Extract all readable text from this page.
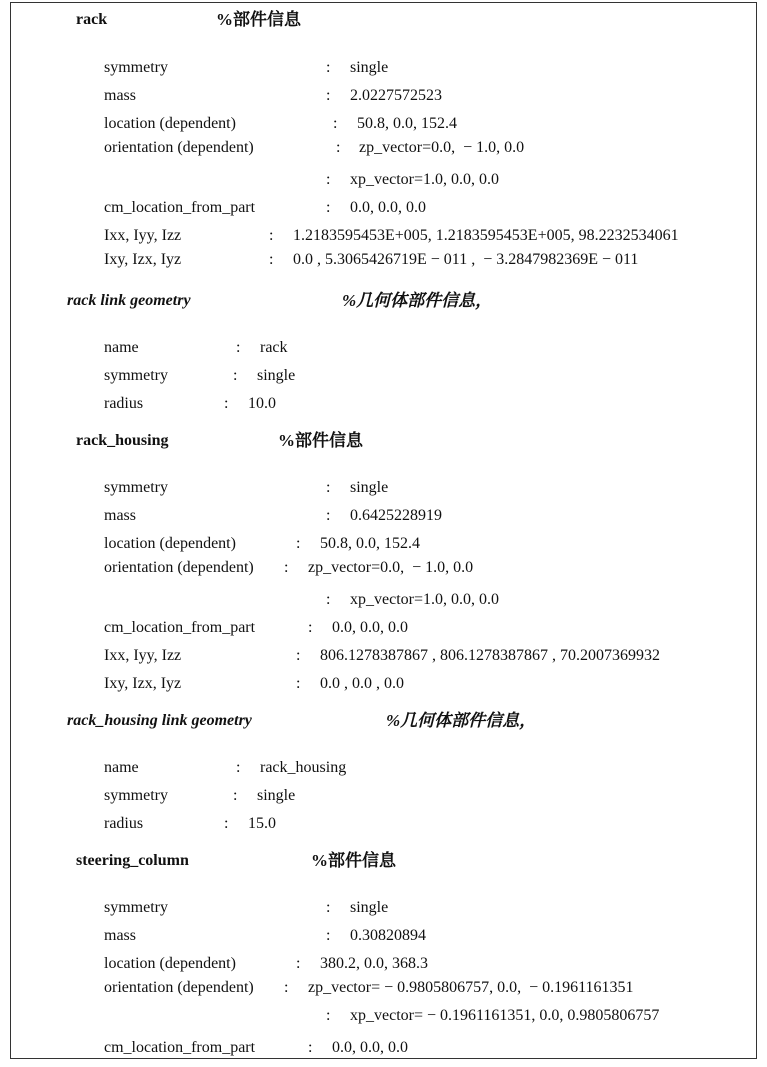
rack	%部件信息
symmetry	: single
mass	: 2.0227572523
location (dependent)	: 50.8, 0.0, 152.4
orientation (dependent)	: zp_vector=0.0,  − 1.0, 0.0
: xp_vector=1.0, 0.0, 0.0
cm_location_from_part	: 0.0, 0.0, 0.0
Ixx, Iyy, Izz	: 1.2183595453E+005, 1.2183595453E+005, 98.2232534061
Ixy, Izx, Iyz	: 0.0 , 5.3065426719E − 011 ,  − 3.2847982369E − 011
rack link geometry	%几何体部件信息，
name	: rack
symmetry	: single
radius	: 10.0
rack_housing	%部件信息
symmetry	: single
mass	: 0.6425228919
location (dependent)	: 50.8, 0.0, 152.4
orientation (dependent) : zp_vector=0.0,  − 1.0, 0.0
: xp_vector=1.0, 0.0, 0.0
cm_location_from_part	: 0.0, 0.0, 0.0
Ixx, Iyy, Izz	: 806.1278387867 , 806.1278387867 , 70.2007369932
Ixy, Izx, Iyz	: 0.0 , 0.0 , 0.0
rack_housing link geometry	%几何体部件信息，
name	: rack_housing
symmetry	: single
radius	: 15.0
steering_column	%部件信息
symmetry	: single
mass	: 0.30820894
location (dependent)	: 380.2, 0.0, 368.3
orientation (dependent) : zp_vector= − 0.9805806757, 0.0,  − 0.1961161351
: xp_vector= − 0.1961161351, 0.0, 0.9805806757
cm_location_from_part	: 0.0, 0.0, 0.0
